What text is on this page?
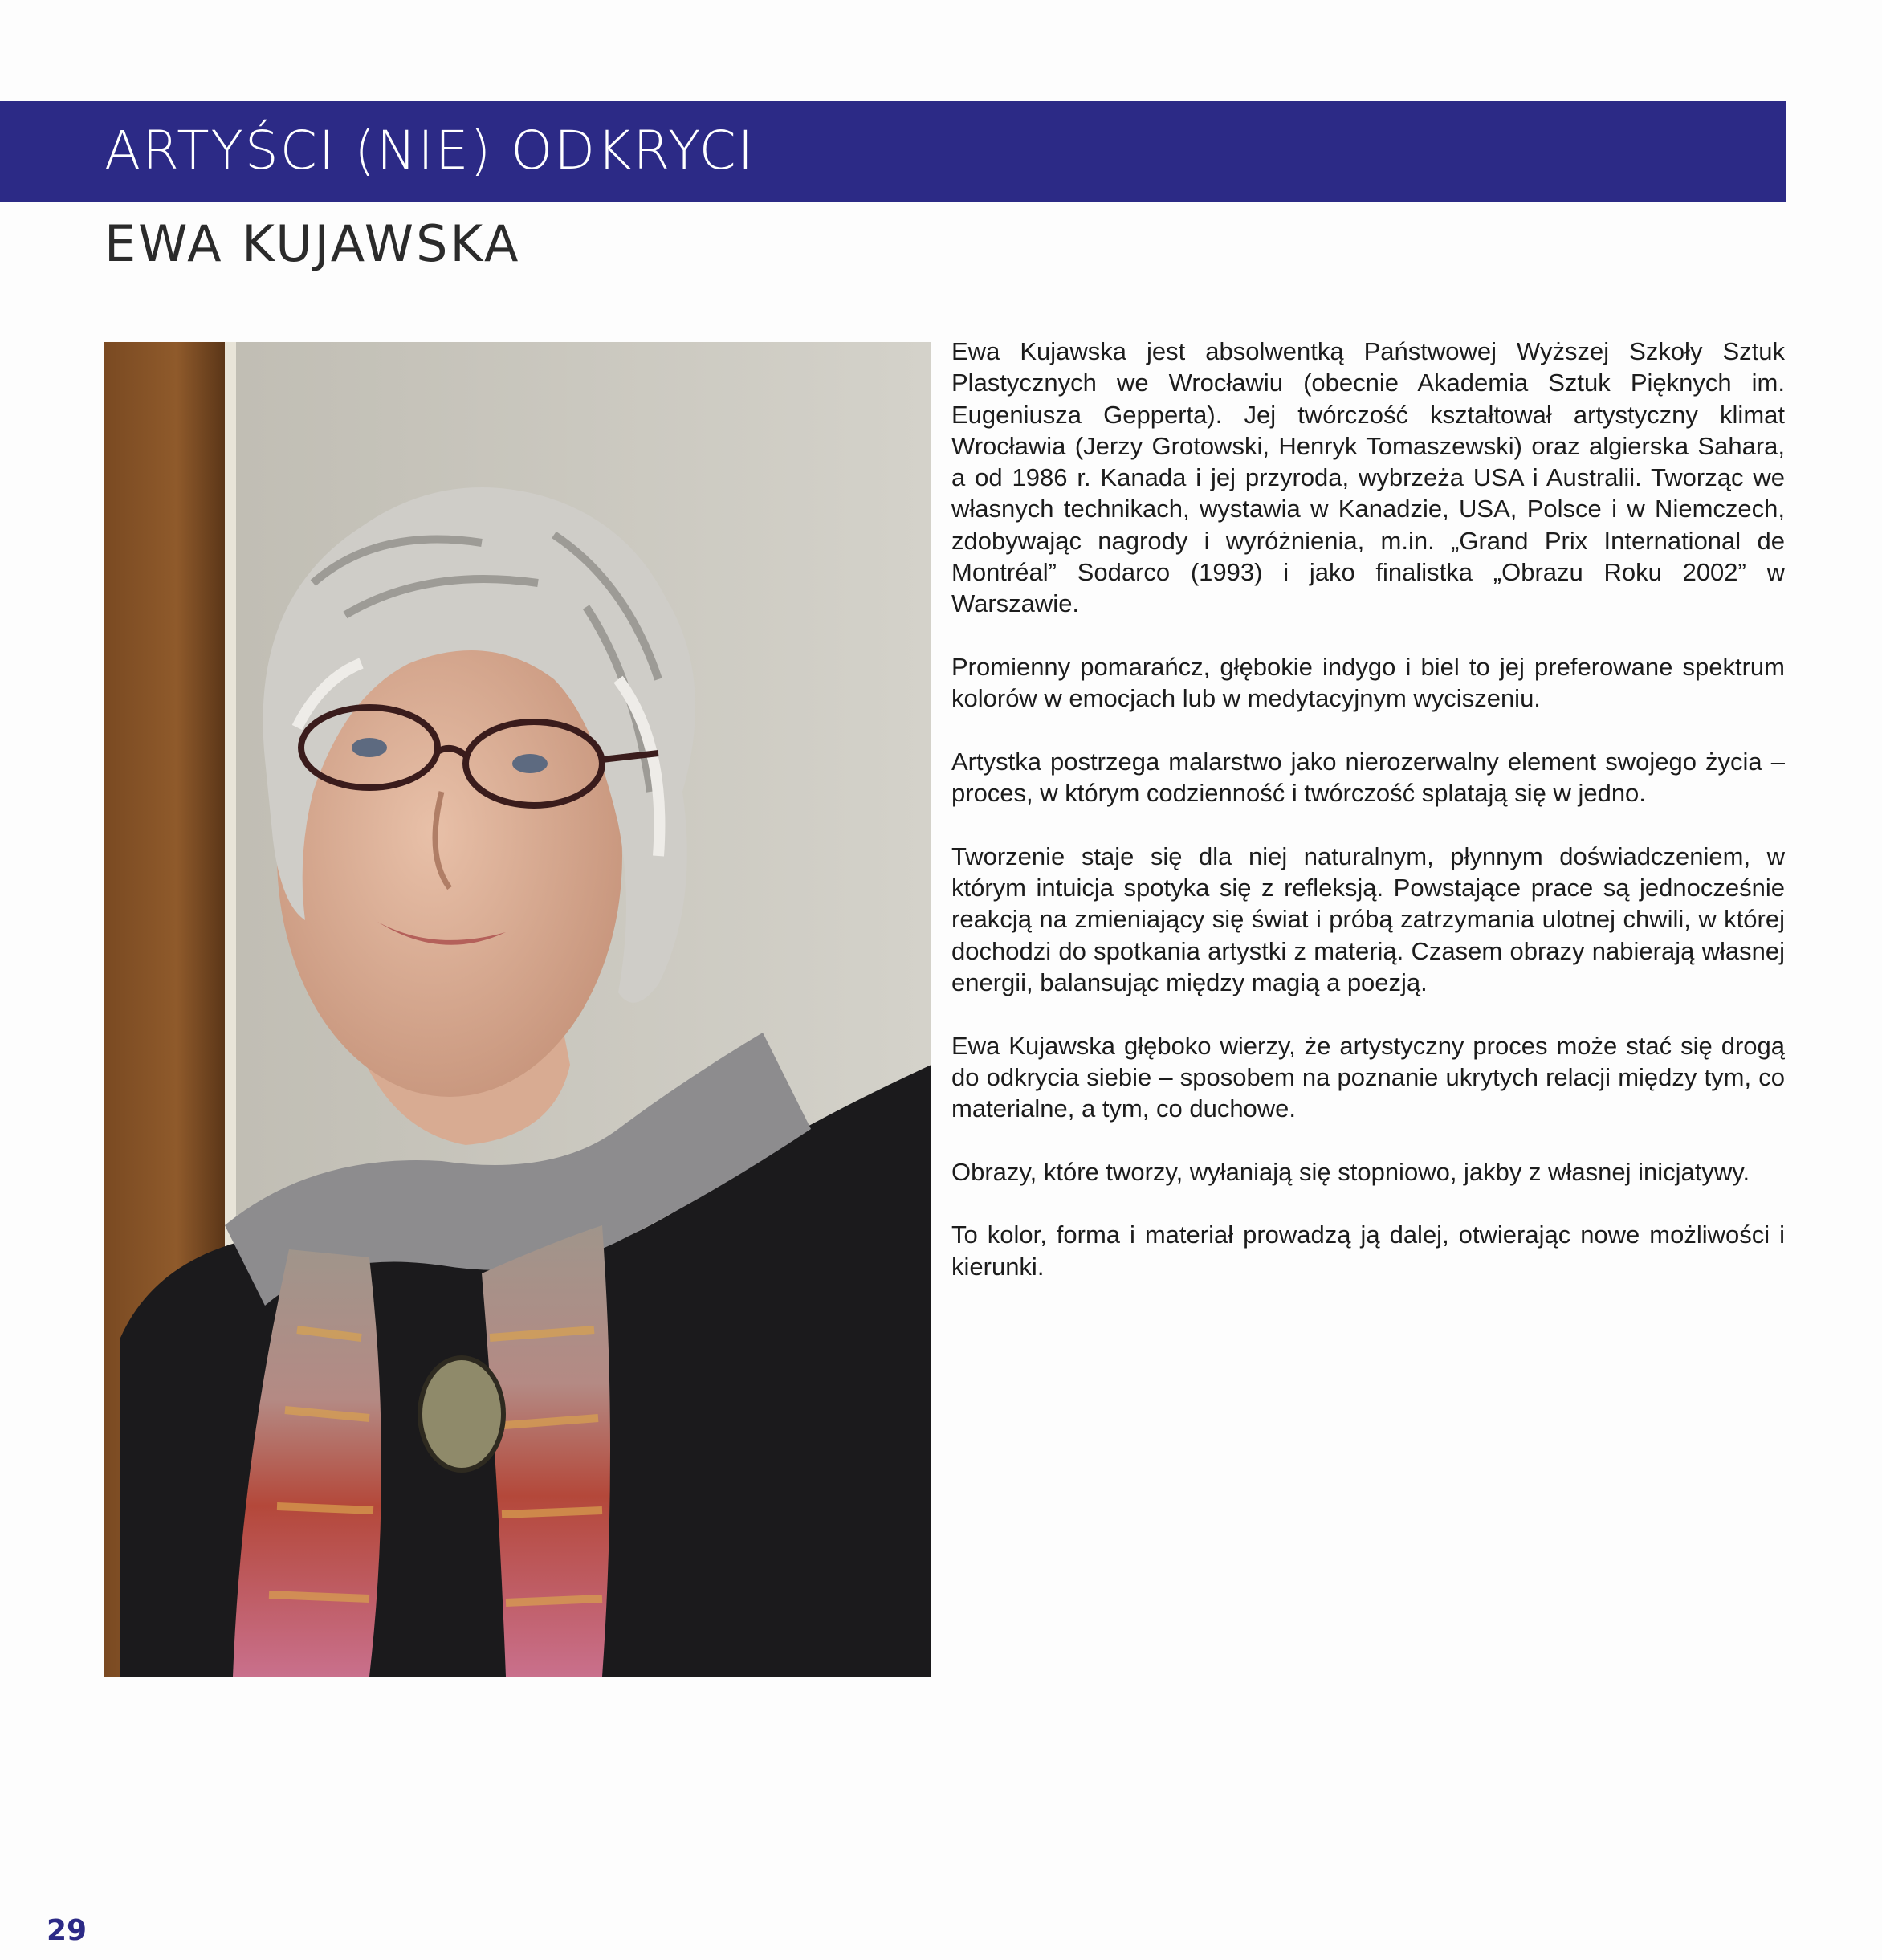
ARTYŚCI (NIE) ODKRYCI
EWA KUJAWSKA

Ewa Kujawska jest absolwentką Państwowej Wyższej Szkoły Sztuk Plastycznych we Wrocławiu (obecnie Akademia Sztuk Pięknych im. Eugeniusza Gepperta). Jej twórczość kształtował artystyczny klimat Wrocławia (Jerzy Grotowski, Henryk Tomaszewski) oraz algierska Sahara, a od 1986 r. Kanada i jej przyroda, wybrzeża USA i Australii. Tworząc we własnych technikach, wystawia w Kanadzie, USA, Polsce i w Niemczech, zdobywając nagrody i wyróżnienia, m.in. „Grand Prix International de Montréal” Sodarco (1993) i jako finalistka „Obrazu Roku 2002” w Warszawie.

Promienny pomarańcz, głębokie indygo i biel to jej preferowane spektrum kolorów w emocjach lub w medytacyjnym wyciszeniu.

Artystka postrzega malarstwo jako nierozerwalny element swojego życia – proces, w którym codzienność i twórczość splatają się w jedno.

Tworzenie staje się dla niej naturalnym, płynnym doświadczeniem, w którym intuicja spotyka się z refleksją. Powstające prace są jednocześnie reakcją na zmieniający się świat i próbą zatrzymania ulotnej chwili, w której dochodzi do spotkania artystki z materią. Czasem obrazy nabierają własnej energii, balansując między magią a poezją.

Ewa Kujawska głęboko wierzy, że artystyczny proces może stać się drogą do odkrycia siebie – sposobem na poznanie ukrytych relacji między tym, co materialne, a tym, co duchowe.

Obrazy, które tworzy, wyłaniają się stopniowo, jakby z własnej inicjatywy.

To kolor, forma i materiał prowadzą ją dalej, otwierając nowe możliwości i kierunki.

29
